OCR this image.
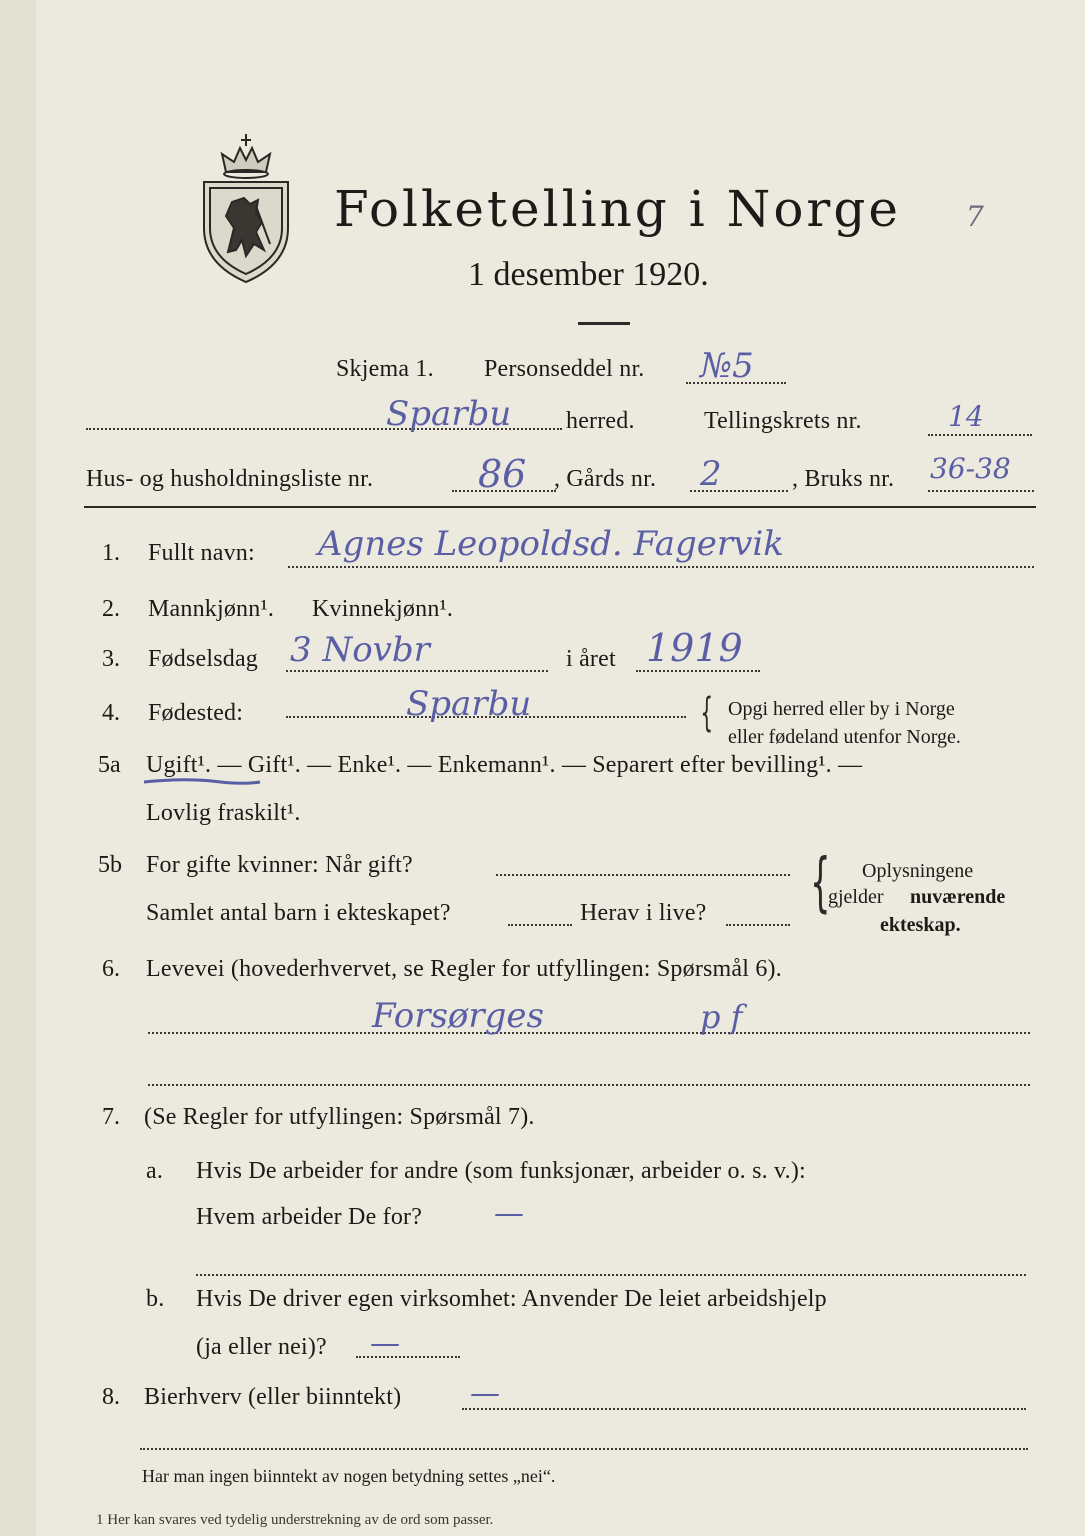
Folketelling i Norge
1 desember 1920.
7
Skjema 1. Personseddel nr. №5
Sparbu herred.	Tellingskrets nr.	14
Hus- og husholdningsliste nr.	86 , Gårds nr. 2	, Bruks nr. 36-38
1. Fullt navn: Agnes Leopoldsd. Fagervik
2. Mannkjønn¹. Kvinnekjønn¹.
3. Fødselsdag 3 Novbr	i året 1919
4. Fødested:	Sparbu	{ Opgi herred eller by i Norge
eller fødeland utenfor Norge.
5a Ugift¹. — Gift¹. — Enke¹. — Enkemann¹. — Separert efter bevilling¹. —
Lovlig fraskilt¹.
5b For gifte kvinner: Når gift?
Samlet antal barn i ekteskapet?	Herav i live? { Oplysningene
gjelder nuværende
ekteskap.
6. Levevei (hovederhvervet, se Regler for utfyllingen: Spørsmål 6).
Forsørges	p f
7. (Se Regler for utfyllingen: Spørsmål 7).
a. Hvis De arbeider for andre (som funksjonær, arbeider o. s. v.):
Hvem arbeider De for? —
b. Hvis De driver egen virksomhet: Anvender De leiet arbeidshjelp
(ja eller nei)? —
8. Bierhverv (eller biinntekt) —
Har man ingen biinntekt av nogen betydning settes „nei“.
1 Her kan svares ved tydelig understrekning av de ord som passer.
